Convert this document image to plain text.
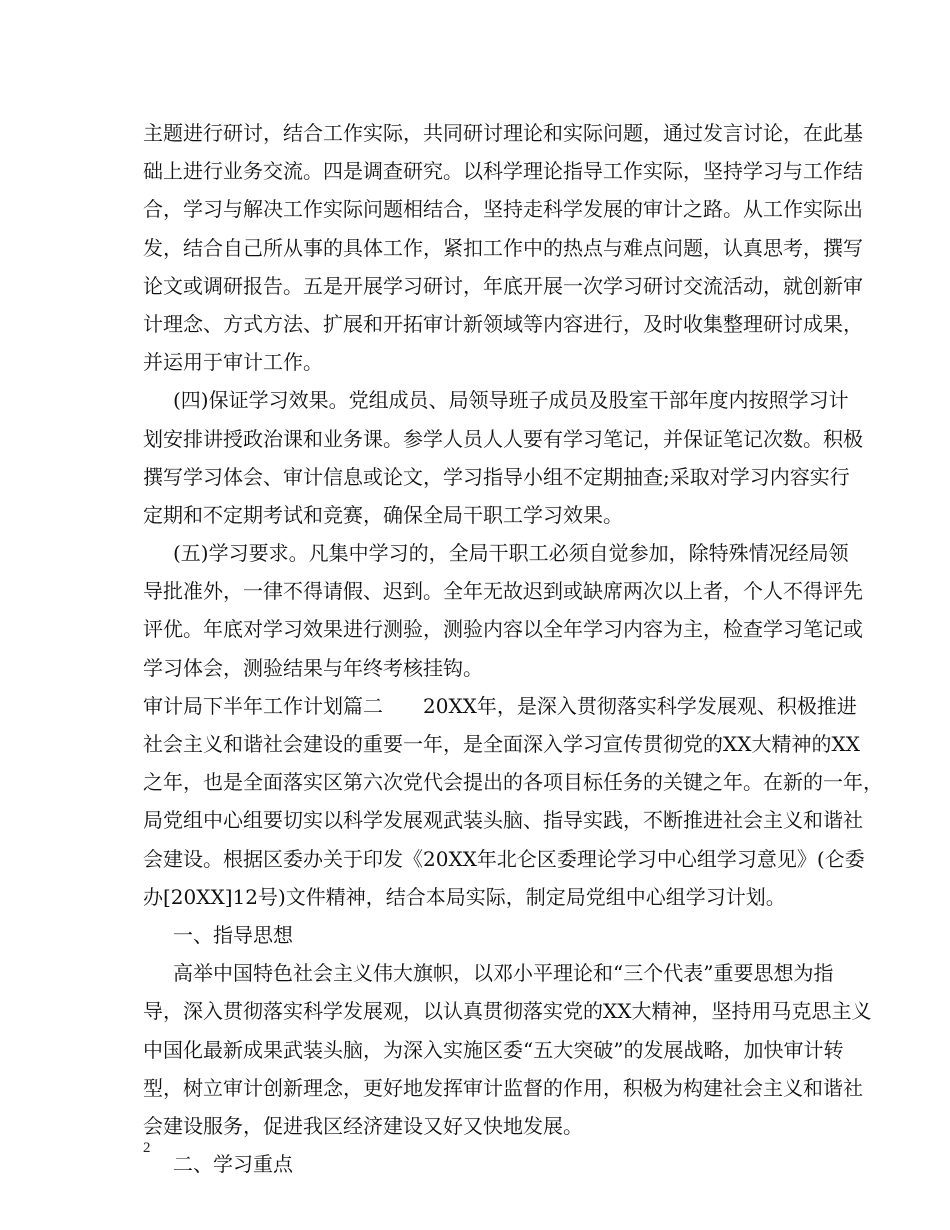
主题进行研讨，结合工作实际，共同研讨理论和实际问题，通过发言讨论，在此基
础上进行业务交流。四是调查研究。以科学理论指导工作实际，坚持学习与工作结
合，学习与解决工作实际问题相结合，坚持走科学发展的审计之路。从工作实际出
发，结合自己所从事的具体工作，紧扣工作中的热点与难点问题，认真思考，撰写
论文或调研报告。五是开展学习研讨，年底开展一次学习研讨交流活动，就创新审
计理念、方式方法、扩展和开拓审计新领域等内容进行，及时收集整理研讨成果，
并运用于审计工作。
(四)保证学习效果。党组成员、局领导班子成员及股室干部年度内按照学习计
划安排讲授政治课和业务课。参学人员人人要有学习笔记，并保证笔记次数。积极
撰写学习体会、审计信息或论文，学习指导小组不定期抽查;采取对学习内容实行
定期和不定期考试和竞赛，确保全局干职工学习效果。
(五)学习要求。凡集中学习的，全局干职工必须自觉参加，除特殊情况经局领
导批准外，一律不得请假、迟到。全年无故迟到或缺席两次以上者，个人不得评先
评优。年底对学习效果进行测验，测验内容以全年学习内容为主，检查学习笔记或
学习体会，测验结果与年终考核挂钩。
审计局下半年工作计划篇二　　20XX年，是深入贯彻落实科学发展观、积极推进
社会主义和谐社会建设的重要一年，是全面深入学习宣传贯彻党的XX大精神的XX
之年，也是全面落实区第六次党代会提出的各项目标任务的关键之年。在新的一年，
局党组中心组要切实以科学发展观武装头脑、指导实践，不断推进社会主义和谐社
会建设。根据区委办关于印发《20XX年北仑区委理论学习中心组学习意见》(仑委
办[20XX]12号)文件精神，结合本局实际，制定局党组中心组学习计划。
一、指导思想
高举中国特色社会主义伟大旗帜，以邓小平理论和“三个代表”重要思想为指
导，深入贯彻落实科学发展观，以认真贯彻落实党的XX大精神，坚持用马克思主义
中国化最新成果武装头脑，为深入实施区委“五大突破”的发展战略，加快审计转
型，树立审计创新理念，更好地发挥审计监督的作用，积极为构建社会主义和谐社
会建设服务，促进我区经济建设又好又快地发展。
二、学习重点
2
